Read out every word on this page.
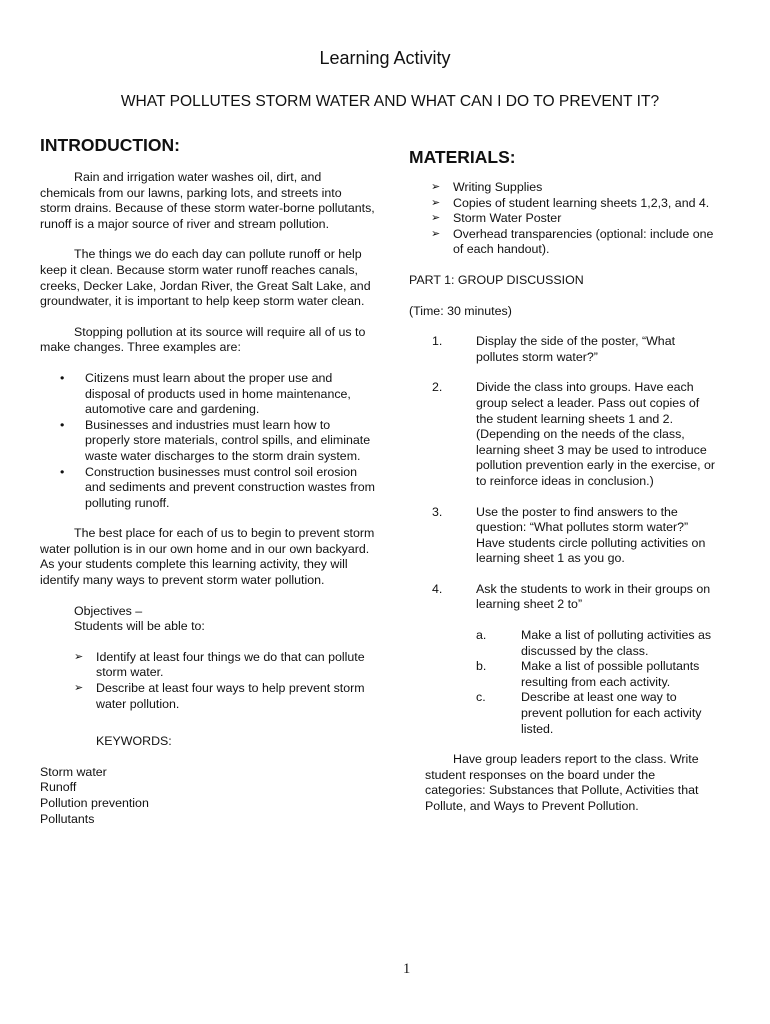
Learning Activity
WHAT POLLUTES STORM WATER AND WHAT CAN I DO TO PREVENT IT?
INTRODUCTION:

Rain and irrigation water washes oil, dirt, and chemicals from our lawns, parking lots, and streets into storm drains. Because of these storm water-borne pollutants, runoff is a major source of river and stream pollution.

The things we do each day can pollute runoff or help keep it clean. Because storm water runoff reaches canals, creeks, Decker Lake, Jordan River, the Great Salt Lake, and groundwater, it is important to help keep storm water clean.

Stopping pollution at its source will require all of us to make changes. Three examples are:

• Citizens must learn about the proper use and disposal of products used in home maintenance, automotive care and gardening.
• Businesses and industries must learn how to properly store materials, control spills, and eliminate waste water discharges to the storm drain system.
• Construction businesses must control soil erosion and sediments and prevent construction wastes from polluting runoff.

The best place for each of us to begin to prevent storm water pollution is in our own home and in our own backyard. As your students complete this learning activity, they will identify many ways to prevent storm water pollution.

Objectives –

Students will be able to:

➢ Identify at least four things we do that can pollute storm water.
➢ Describe at least four ways to help prevent storm water pollution.

KEYWORDS:

Storm water

Runoff

Pollution prevention

Pollutants

MATERIALS:
➢ Writing Supplies
➢ Copies of student learning sheets 1,2,3, and 4.
➢ Storm Water Poster
➢ Overhead transparencies (optional: include one of each handout).

PART 1: GROUP DISCUSSION

(Time: 30 minutes)

1.	Display the side of the poster, “What pollutes storm water?”
2.	Divide the class into groups. Have each group select a leader. Pass out copies of the student learning sheets 1 and 2. (Depending on the needs of the class, learning sheet 3 may be used to introduce pollution prevention early in the exercise, or to reinforce ideas in conclusion.)
3.	Use the poster to find answers to the question: “What pollutes storm water?” Have students circle polluting activities on learning sheet 1 as you go.
4.	Ask the students to work in their groups on learning sheet 2 to”
a.	Make a list of polluting activities as discussed by the class.
b.	Make a list of possible pollutants resulting from each activity.
c.	Describe at least one way to prevent pollution for each activity listed.

Have group leaders report to the class. Write student responses on the board under the categories: Substances that Pollute, Activities that Pollute, and Ways to Prevent Pollution.

1
